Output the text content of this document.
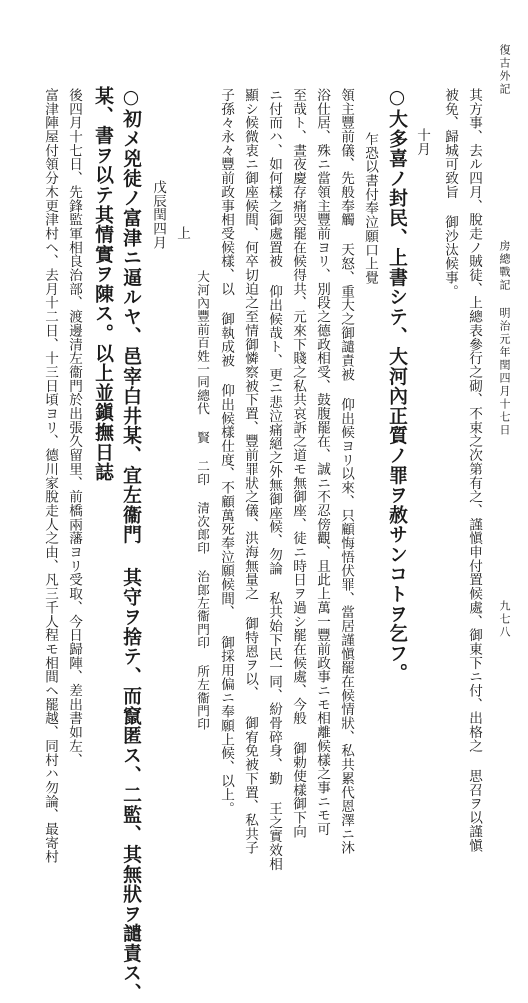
復古外記
房總戰記 明治元年閏四月十七日
九七八
其方事、去ル四月、脫走ノ賊徒、上總表參行之砌、不束之次第有之、謹愼申付置候處、御東下ニ付、出格之 思召ヲ以謹愼
被免、歸城可致旨 御沙汰候事。
十月
○大多喜ノ封民、上書シテ、大河內正質ノ罪ヲ赦サンコトヲ乞フ。
乍恐以書付奉泣願口上覺
領主豐前儀、先般奉觸 天怒、重大之御譴責被 仰出候ヨリ以來、只顧悔悟伏罪、當居謹愼罷在候情狀、私共累代恩澤ニ沐
浴仕居、殊ニ當領主豐前ヨリ、別段之德政相受、鼓腹罷在、誠ニ不忍傍觀、且此上萬一豐前政事ニモ相離候樣之事ニモ可
至哉ト、晝夜慶存痛哭罷在候得共、元來下賤之私共哀訴之道モ無御座、徒ニ時日ヲ過シ罷在候處、今般 御勅使樣御下向
ニ付而ハ、如何樣之御處置被 仰出候哉ト、更ニ悲泣痛絕之外無御座候、勿論 私共始下民一同、紛骨碎身、勤 王之實效相
顯シ候微衷ニ御座候間、何卒切迫之至情御憐察被下置、豐前罪狀之儀、洪海無量之 御特恩ヲ以、 御宥免被下置、私共子
子孫々永々豐前政事相受候樣、以 御執成被 仰出候樣仕度、不顧萬死奉泣願候間、 御採用偏ニ奉願上候、以上。
大河內豐前百姓一同總代 賢 二印 清次郎印 治郎左衞門印 所左衞門印
上
戊辰閏四月
○初メ兇徒ノ富津ニ逼ルヤ、邑宰白井某、宜左衞門 其守ヲ捨テ、而竄匿ス、二監、其無狀ヲ譴責ス、
某、書ヲ以テ其情實ヲ陳ス。以上並鎭撫日誌
後四月十七日、先鋒監軍相良治部、渡邊清左衞門於出張久留里、前橋兩藩ヨリ受取、今日歸陣、差出書如左、
富津陣屋付領分木更津村ヘ、去月十二日、十三日頃ヨリ、德川家脫走人之由、凡三千人程モ相間ヘ罷越、同村ハ勿論、最寄村
